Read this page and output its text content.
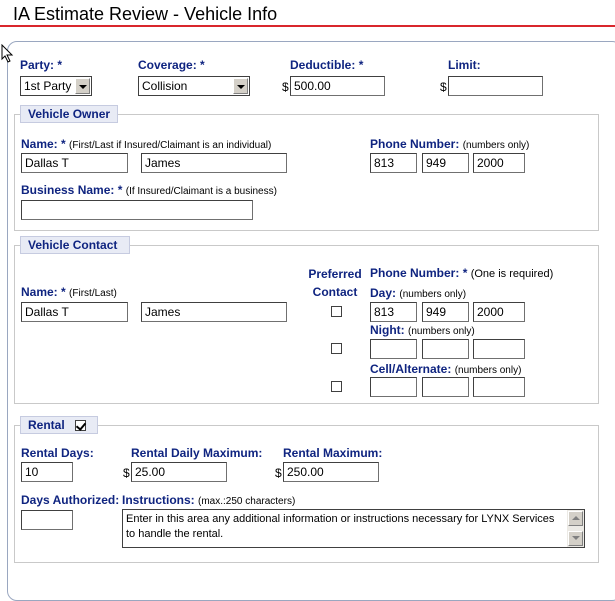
IA Estimate Review - Vehicle Info
Party: *
1st Party
Coverage: *
Collision
Deductible: *
$ 500.00
Limit:
$
Vehicle Owner
Name: * (First/Last if Insured/Claimant is an individual)
Dallas T	James
Phone Number: (numbers only)
813	949	2000
Business Name: * (If Insured/Claimant is a business)
Vehicle Contact
Preferred
Contact
Phone Number: * (One is required)
Name: * (First/Last)
Dallas T	James
Day: (numbers only)
813	949	2000
Night: (numbers only)
Cell/Alternate: (numbers only)
Rental
Rental Days:
10
Rental Daily Maximum:
$ 25.00
Rental Maximum:
$ 250.00
Days Authorized: Instructions: (max.:250 characters)
Enter in this area any additional information or instructions necessary for LYNX Services to handle the rental.
